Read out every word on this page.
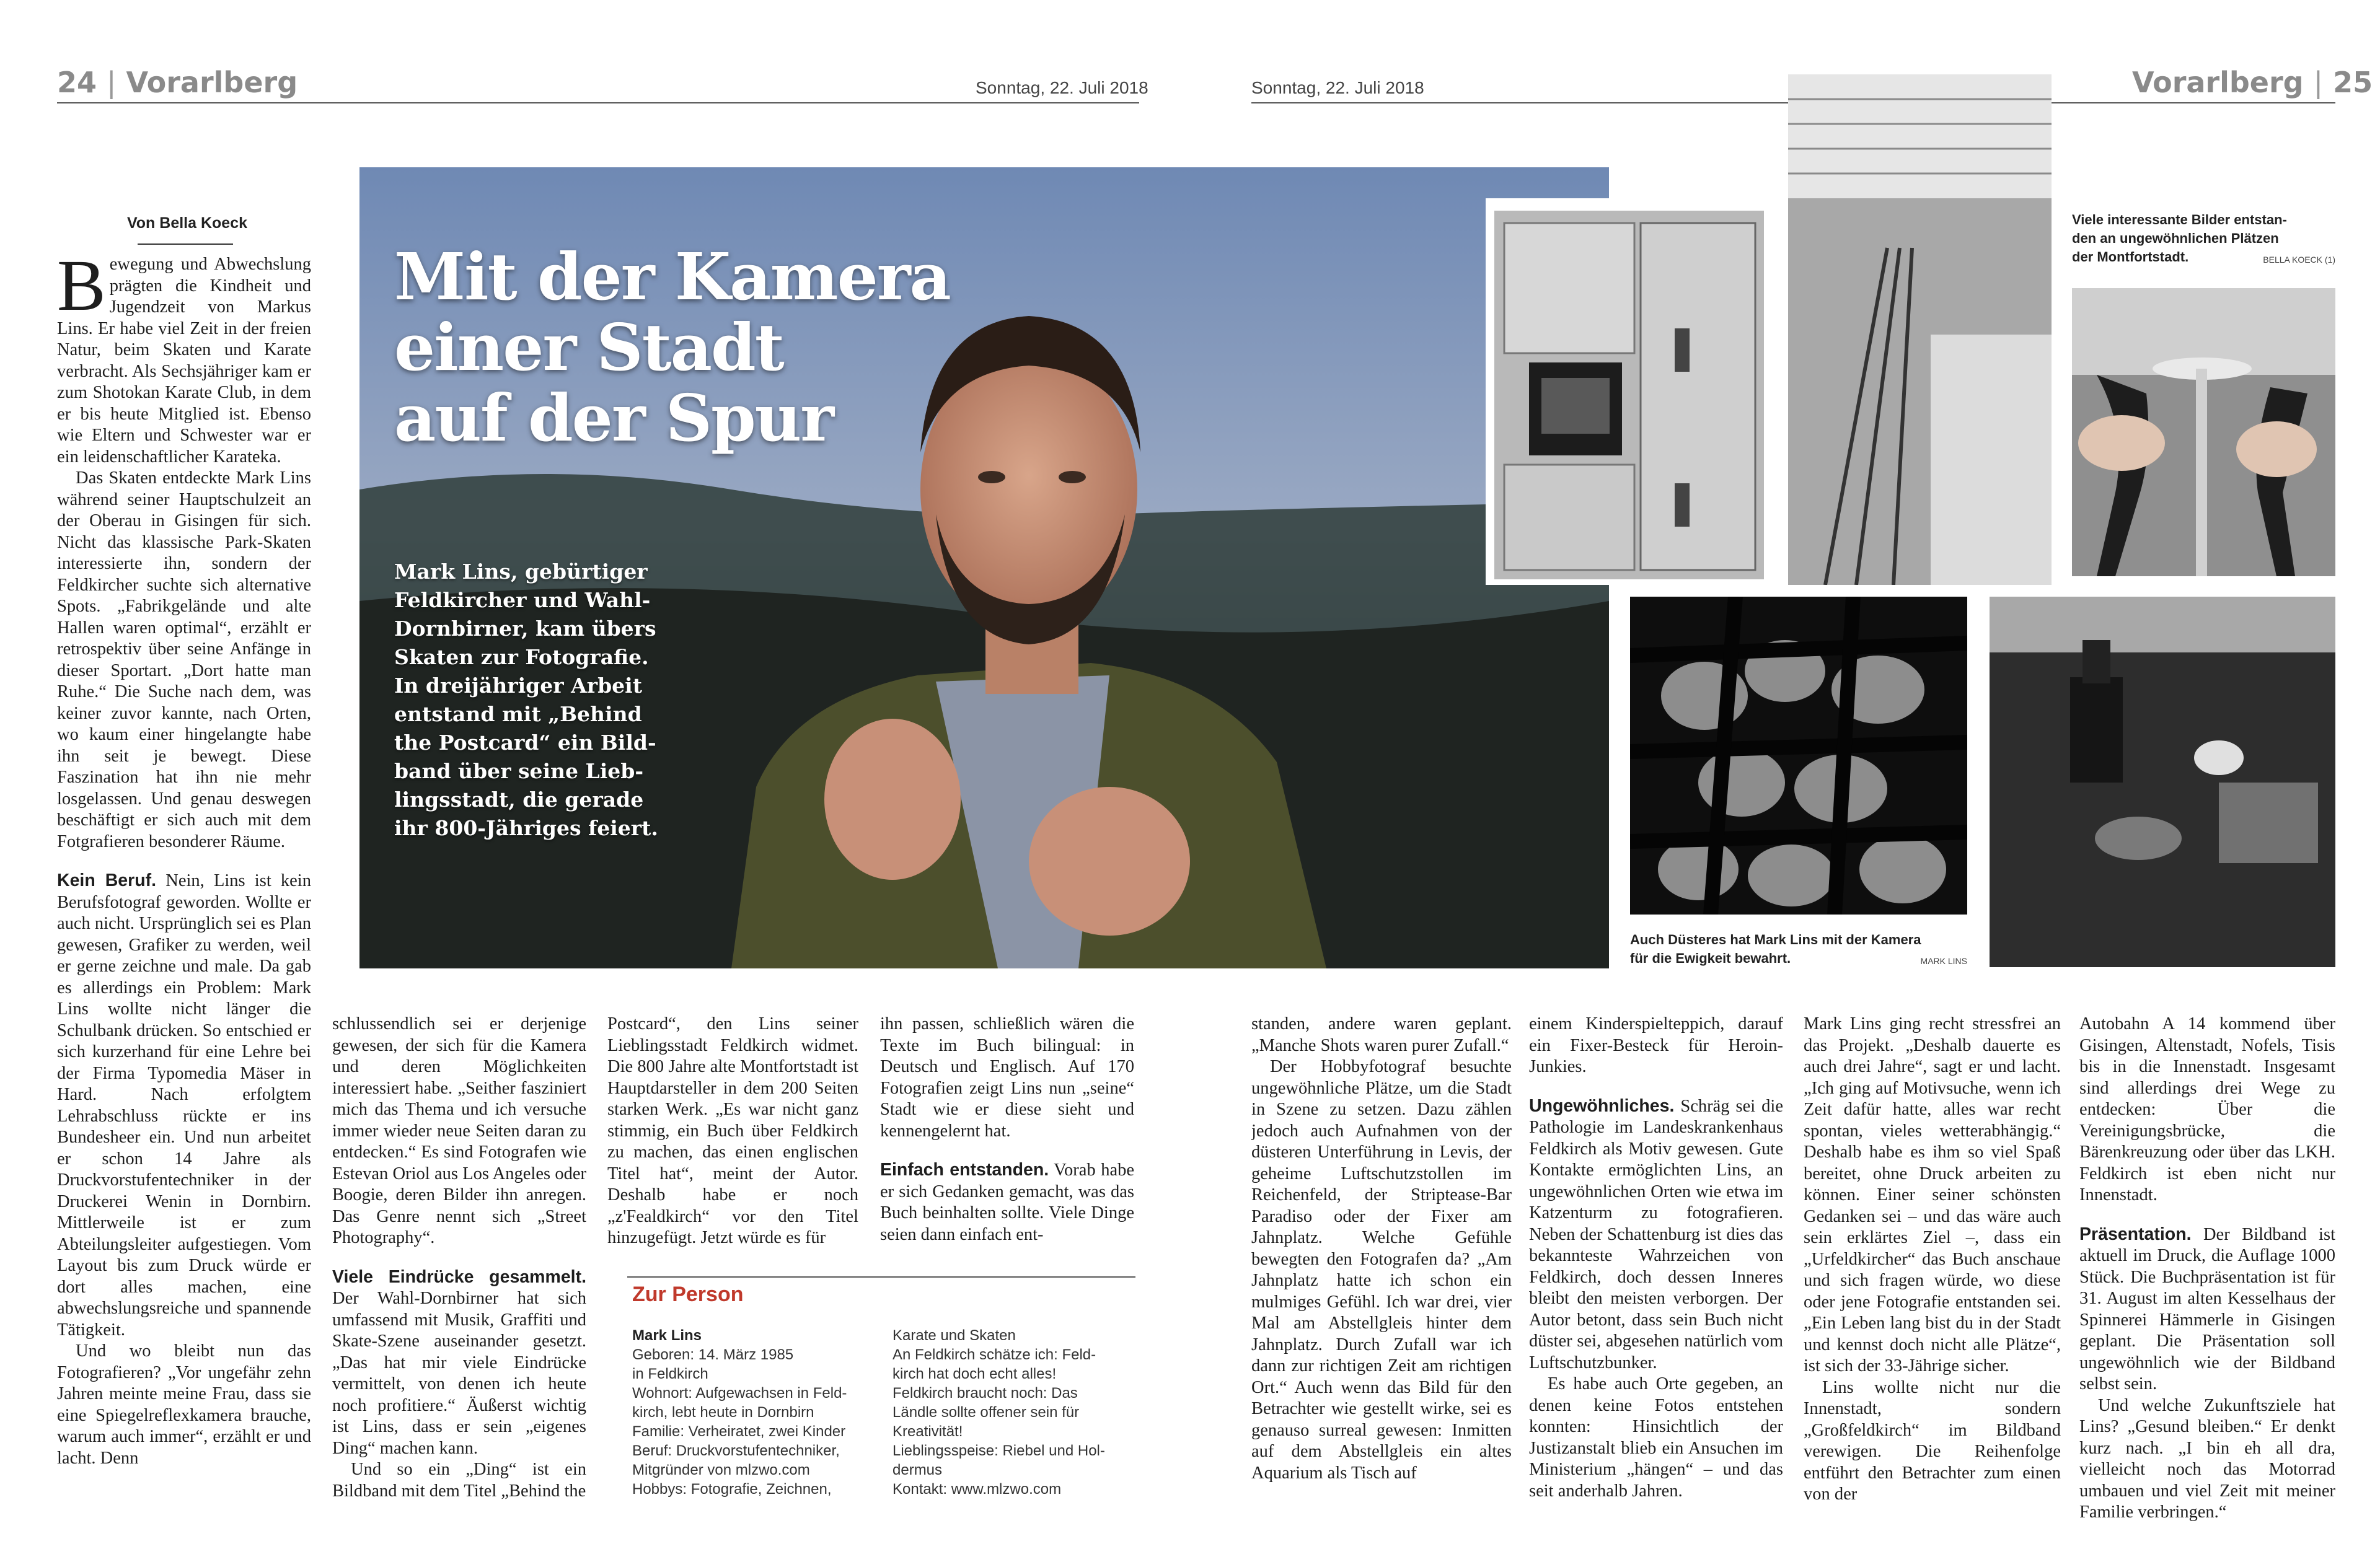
24 | Vorarlberg	Sonntag, 22. Juli 2018	Sonntag, 22. Juli 2018	Vorarlberg | 25
Mit der Kamera
einer Stadt
auf der Spur
Mark Lins, gebürtiger
Feldkircher und Wahl-
Dornbirner, kam übers
Skaten zur Fotografie.
In dreijähriger Arbeit
entstand mit „Behind
the Postcard“ ein Bild-
band über seine Lieb-
lingsstadt, die gerade
ihr 800-Jähriges feiert.
Viele interessante Bilder entstan-
den an ungewöhnlichen Plätzen
der Montfortstadt.	BELLA KOECK (1)
Auch Düsteres hat Mark Lins mit der Kamera
für die Ewigkeit bewahrt.	MARK LINS
Von Bella Koeck

Bewegung und Abwechslung prägten die Kindheit und Jugendzeit von Markus Lins. Er habe viel Zeit in der freien Natur, beim Skaten und Karate verbracht. Als Sechsjähriger kam er zum Shotokan Karate Club, in dem er bis heute Mitglied ist. Ebenso wie Eltern und Schwester war er ein leidenschaftlicher Karateka.

Das Skaten entdeckte Mark Lins während seiner Hauptschulzeit an der Oberau in Gisingen für sich. Nicht das klassische Park-Skaten interessierte ihn, sondern der Feldkircher suchte sich alternative Spots. „Fabrikgelände und alte Hallen waren optimal“, erzählt er retrospektiv über seine Anfänge in dieser Sportart. „Dort hatte man Ruhe.“ Die Suche nach dem, was keiner zuvor kannte, nach Orten, wo kaum einer hingelangte habe ihn seit je bewegt. Diese Faszination hat ihn nie mehr losgelassen. Und genau deswegen beschäftigt er sich auch mit dem Fotgrafieren besonderer Räume.

Kein Beruf. Nein, Lins ist kein Berufsfotograf geworden. Wollte er auch nicht. Ursprünglich sei es Plan gewesen, Grafiker zu werden, weil er gerne zeichne und male. Da gab es allerdings ein Problem: Mark Lins wollte nicht länger die Schulbank drücken. So entschied er sich kurzerhand für eine Lehre bei der Firma Typomedia Mäser in Hard. Nach erfolgtem Lehrabschluss rückte er ins Bundesheer ein. Und nun arbeitet er schon 14 Jahre als Druckvorstufentechniker in der Druckerei Wenin in Dornbirn. Mittlerweile ist er zum Abteilungsleiter aufgestiegen. Vom Layout bis zum Druck würde er dort alles machen, eine abwechslungsreiche und spannende Tätigkeit.

Und wo bleibt nun das Fotografieren? „Vor ungefähr zehn Jahren meinte meine Frau, dass sie eine Spiegelreflexkamera brauche, warum auch immer“, erzählt er und lacht. Denn

schlussendlich sei er derjenige gewesen, der sich für die Kamera und deren Möglichkeiten interessiert habe. „Seither fasziniert mich das Thema und ich versuche immer wieder neue Seiten daran zu entdecken.“ Es sind Fotografen wie Estevan Oriol aus Los Angeles oder Boogie, deren Bilder ihn anregen. Das Genre nennt sich „Street Photography“.

Viele Eindrücke gesammelt. Der Wahl-Dornbirner hat sich umfassend mit Musik, Graffiti und Skate-Szene auseinander gesetzt. „Das hat mir viele Eindrücke vermittelt, von denen ich heute noch profitiere.“ Äußerst wichtig ist Lins, dass er sein „eigenes Ding“ machen kann.

Und so ein „Ding“ ist ein Bildband mit dem Titel „Behind the

Postcard“, den Lins seiner Lieblingsstadt Feldkirch widmet. Die 800 Jahre alte Montfortstadt ist Hauptdarsteller in dem 200 Seiten starken Werk. „Es war nicht ganz stimmig, ein Buch über Feldkirch zu machen, das einen englischen Titel hat“, meint der Autor. Deshalb habe er noch „z'Fealdkirch“ vor den Titel hinzugefügt. Jetzt würde es für

ihn passen, schließlich wären die Texte im Buch bilingual: in Deutsch und Englisch. Auf 170 Fotografien zeigt Lins nun „seine“ Stadt wie er diese sieht und kennengelernt hat.

Einfach entstanden. Vorab habe er sich Gedanken gemacht, was das Buch beinhalten sollte. Viele Dinge seien dann einfach ent-

Zur Person
Mark Lins
Geboren: 14. März 1985
in Feldkirch
Wohnort: Aufgewachsen in Feld-
kirch, lebt heute in Dornbirn
Familie: Verheiratet, zwei Kinder
Beruf: Druckvorstufentechniker,
Mitgründer von mlzwo.com
Hobbys: Fotografie, Zeichnen,
Karate und Skaten
An Feldkirch schätze ich: Feld-
kirch hat doch echt alles!
Feldkirch braucht noch: Das
Ländle sollte offener sein für
Kreativität!
Lieblingsspeise: Riebel und Hol-
dermus
Kontakt: www.mlzwo.com

standen, andere waren geplant. „Manche Shots waren purer Zufall.“

Der Hobbyfotograf besuchte ungewöhnliche Plätze, um die Stadt in Szene zu setzen. Dazu zählen jedoch auch Aufnahmen von der düsteren Unterführung in Levis, der geheime Luftschutzstollen im Reichenfeld, der Striptease-Bar Paradiso oder der Fixer am Jahnplatz. Welche Gefühle bewegten den Fotografen da? „Am Jahnplatz hatte ich schon ein mulmiges Gefühl. Ich war drei, vier Mal am Abstellgleis hinter dem Jahnplatz. Durch Zufall war ich dann zur richtigen Zeit am richtigen Ort.“ Auch wenn das Bild für den Betrachter wie gestellt wirke, sei es genauso surreal gewesen: Inmitten auf dem Abstellgleis ein altes Aquarium als Tisch auf

einem Kinderspielteppich, darauf ein Fixer-Besteck für Heroin-Junkies.

Ungewöhnliches. Schräg sei die Pathologie im Landeskrankenhaus Feldkirch als Motiv gewesen. Gute Kontakte ermöglichten Lins, an ungewöhnlichen Orten wie etwa im Katzenturm zu fotografieren. Neben der Schattenburg ist dies das bekannteste Wahrzeichen von Feldkirch, doch dessen Inneres bleibt den meisten verborgen. Der Autor betont, dass sein Buch nicht düster sei, abgesehen natürlich vom Luftschutzbunker.

Es habe auch Orte gegeben, an denen keine Fotos entstehen konnten: Hinsichtlich der Justizanstalt blieb ein Ansuchen im Ministerium „hängen“ – und das seit anderhalb Jahren.

Mark Lins ging recht stressfrei an das Projekt. „Deshalb dauerte es auch drei Jahre“, sagt er und lacht. „Ich ging auf Motivsuche, wenn ich Zeit dafür hatte, alles war recht spontan, vieles wetterabhängig.“ Deshalb habe es ihm so viel Spaß bereitet, ohne Druck arbeiten zu können. Einer seiner schönsten Gedanken sei – und das wäre auch sein erklärtes Ziel –, dass ein „Urfeldkircher“ das Buch anschaue und sich fragen würde, wo diese oder jene Fotografie entstanden sei. „Ein Leben lang bist du in der Stadt und kennst doch nicht alle Plätze“, ist sich der 33-Jährige sicher.

Lins wollte nicht nur die Innenstadt, sondern „Großfeldkirch“ im Bildband verewigen. Die Reihenfolge entführt den Betrachter zum einen von der

Autobahn A 14 kommend über Gisingen, Altenstadt, Nofels, Tisis bis in die Innenstadt. Insgesamt sind allerdings drei Wege zu entdecken: Über die Vereinigungsbrücke, die Bärenkreuzung oder über das LKH. Feldkirch ist eben nicht nur Innenstadt.

Präsentation. Der Bildband ist aktuell im Druck, die Auflage 1000 Stück. Die Buchpräsentation ist für 31. August im alten Kesselhaus der Spinnerei Hämmerle in Gisingen geplant. Die Präsentation soll ungewöhnlich wie der Bildband selbst sein.

Und welche Zukunftsziele hat Lins? „Gesund bleiben.“ Er denkt kurz nach. „I bin eh all dra, vielleicht noch das Motorrad umbauen und viel Zeit mit meiner Familie verbringen.“
